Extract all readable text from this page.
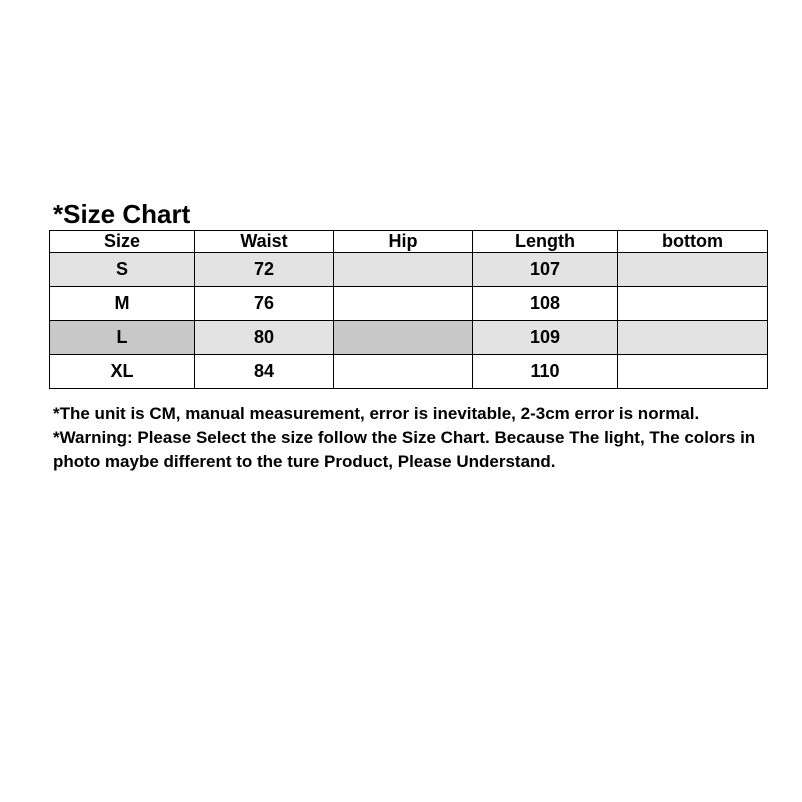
*Size Chart
Size	Waist	Hip	Length	bottom
S	72		107	
M	76		108	
L	80		109	
XL	84		110	
*The unit is CM, manual measurement, error is inevitable, 2-3cm error is normal. *Warning: Please Select the size follow the Size Chart. Because The light, The colors in photo maybe different to the ture Product, Please Understand.
